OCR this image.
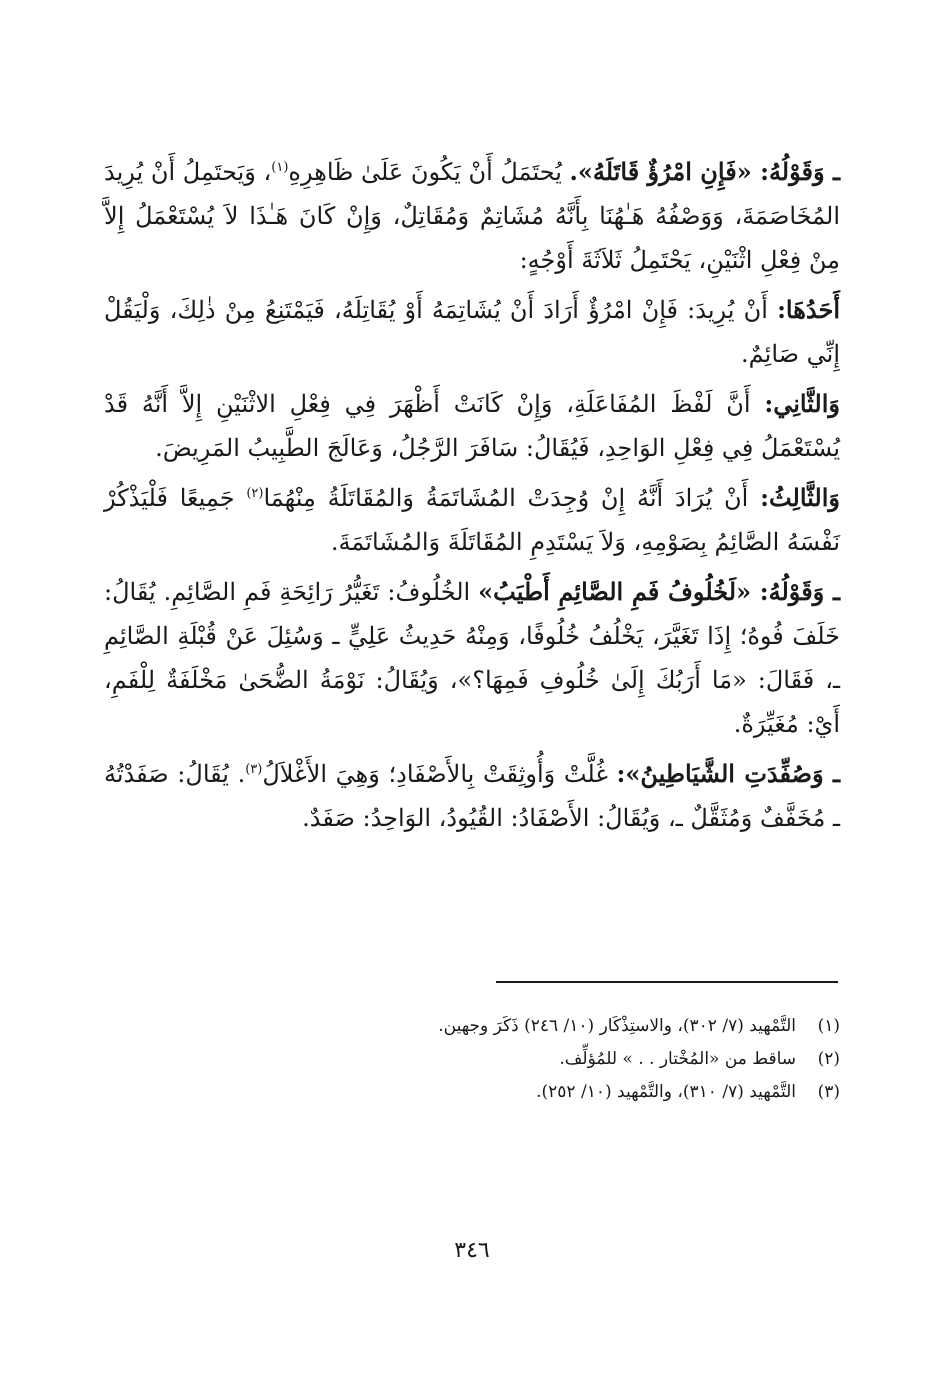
ـ وَقَوْلُهُ: «فَإِنِ امْرُؤٌ قَاتَلَهُ». يُحتَمَلُ أَنْ يَكُونَ عَلَىٰ ظَاهِرِهِ$^{(١)}$، وَيَحتَمِلُ أَنْ يُرِيدَ المُخَاصَمَةَ، وَوَصْفُهُ هَـٰهُنَا بِأَنَّهُ مُشَاتِمٌ وَمُقَاتِلٌ، وَإِنْ كَانَ هَـٰذَا لاَ يُسْتَعْمَلُ إِلاَّ مِنْ فِعْلِ اثْنَيْنِ، يَحْتَمِلُ ثَلاَثَةَ أَوْجُهٍ:

أَحَدُهَا: أَنْ يُرِيدَ: فَإِنْ امْرُؤٌ أَرَادَ أَنْ يُشَاتِمَهُ أَوْ يُقَاتِلَهُ، فَيَمْتَنِعُ مِنْ ذٰلِكَ، وَلْيَقُلْ إِنِّي صَائِمٌ.

وَالثَّانِي: أَنَّ لَفْظَ المُفَاعَلَةِ، وَإِنْ كَانَتْ أَظْهَرَ فِي فِعْلِ الاثْنَيْنِ إِلاَّ أَنَّهُ قَدْ يُسْتَعْمَلُ فِي فِعْلِ الوَاحِدِ، فَيُقَالُ: سَافَرَ الرَّجُلُ، وَعَالَجَ الطَّبِيبُ المَرِيضَ.

وَالثَّالِثُ: أَنْ يُرَادَ أَنَّهُ إِنْ وُجِدَتْ المُشَاتَمَةُ وَالمُقَاتَلَةُ مِنْهُمَا$^{(٢)}$ جَمِيعًا فَلْيَذْكُرْ نَفْسَهُ الصَّائِمُ بِصَوْمِهِ، وَلاَ يَسْتَدِمِ المُقَاتَلَةَ وَالمُشَاتَمَةَ.

ـ وَقَوْلُهُ: «لَخُلُوفُ فَمِ الصَّائِمِ أَطْيَبُ» الخُلُوفُ: تَغَيُّرُ رَائِحَةِ فَمِ الصَّائِمِ. يُقَالُ: خَلَفَ فُوهُ؛ إِذَا تَغَيَّرَ، يَخْلُفُ خُلُوفًا، وَمِنْهُ حَدِيثُ عَلِيٍّ ـ وَسُئِلَ عَنْ قُبْلَةِ الصَّائِمِ ـ، فَقَالَ: «مَا أَرَبُكَ إِلَىٰ خُلُوفِ فَمِهَا؟»، وَيُقَالُ: نَوْمَةُ الضُّحَىٰ مَخْلَفَةٌ لِلْفَمِ، أَيْ: مُغَيِّرَةٌ.

ـ وَصُفِّدَتِ الشَّيَاطِينُ»: غُلَّتْ وَأُوثِقَتْ بِالأَصْفَادِ؛ وَهِيَ الأَغْلاَلُ$^{(٣)}$. يُقَالُ: صَفَدْتُهُ ـ مُخَفَّفٌ وَمُثَقَّلٌ ـ، وَيُقَالُ: الأَصْفَادُ: القُيُودُ، الوَاحِدُ: صَفَدٌ.

(١)
التَّمْهيد (٧/ ٣٠٢)، والاستِذْكَار (١٠/ ٢٤٦) ذَكَرَ وجهين.

(٢)
ساقط من «المُخْتار . . » للمُؤلِّف.

(٣)
التَّمْهيد (٧/ ٣١٠)، والتَّمْهيد (١٠/ ٢٥٢).

٣٤٦
